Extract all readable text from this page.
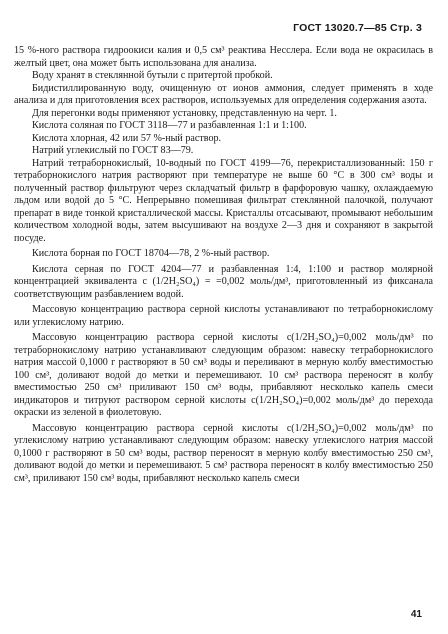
ГОСТ 13020.7—85 Стр. 3

15 %-ного раствора гидроокиси калия и 0,5 см³ реактива Несслера. Если вода не окрасилась в желтый цвет, она может быть использована для анализа.

Воду хранят в стеклянной бутыли с притертой пробкой.

Бидистиллированную воду, очищенную от ионов аммония, следует применять в ходе анализа и для приготовления всех растворов, используемых для определения содержания азота.

Для перегонки воды применяют установку, представленную на черт. 1.

Кислота соляная по ГОСТ 3118—77 и разбавленная 1:1 и 1:100.

Кислота хлорная, 42 или 57 %-ный раствор.

Натрий углекислый по ГОСТ 83—79.

Натрий тетраборнокислый, 10-водный по ГОСТ 4199—76, перекристаллизованный: 150 г тетраборнокислого натрия растворяют при температуре не выше 60 °С в 300 см³ воды и полученный раствор фильтруют через складчатый фильтр в фарфоровую чашку, охлаждаемую льдом или водой до 5 °С. Непрерывно помешивая фильтрат стеклянной палочкой, получают препарат в виде тонкой кристаллической массы. Кристаллы отсасывают, промывают небольшим количеством холодной воды, затем высушивают на воздухе 2—3 дня и сохраняют в закрытой посуде.

Кислота борная по ГОСТ 18704—78, 2 %-ный раствор.

Кислота серная по ГОСТ 4204—77 и разбавленная 1:4, 1:100 и раствор молярной концентрацией эквивалента c (1/2H₂SO₄) = =0,002 моль/дм³, приготовленный из фиксанала соответствующим разбавлением водой.

Массовую концентрацию раствора серной кислоты устанавливают по тетраборнокислому или углекислому натрию.

Массовую концентрацию раствора серной кислоты c(1/2H₂SO₄)=0,002 моль/дм³ по тетраборнокислому натрию устанавливают следующим образом: навеску тетраборнокислого натрия массой 0,1000 г растворяют в 50 см³ воды и переливают в мерную колбу вместимостью 100 см³, доливают водой до метки и перемешивают. 10 см³ раствора переносят в колбу вместимостью 250 см³ приливают 150 см³ воды, прибавляют несколько капель смеси индикаторов и титруют раствором серной кислоты c(1/2H₂SO₄)=0,002 моль/дм³ до перехода окраски из зеленой в фиолетовую.

Массовую концентрацию раствора серной кислоты c(1/2H₂SO₄)=0,002 моль/дм³ по углекислому натрию устанавливают следующим образом: навеску углекислого натрия массой 0,1000 г растворяют в 50 см³ воды, раствор переносят в мерную колбу вместимостью 250 см³, доливают водой до метки и перемешивают. 5 см³ раствора переносят в колбу вместимостью 250 см³, приливают 150 см³ воды, прибавляют несколько капель смеси

41
